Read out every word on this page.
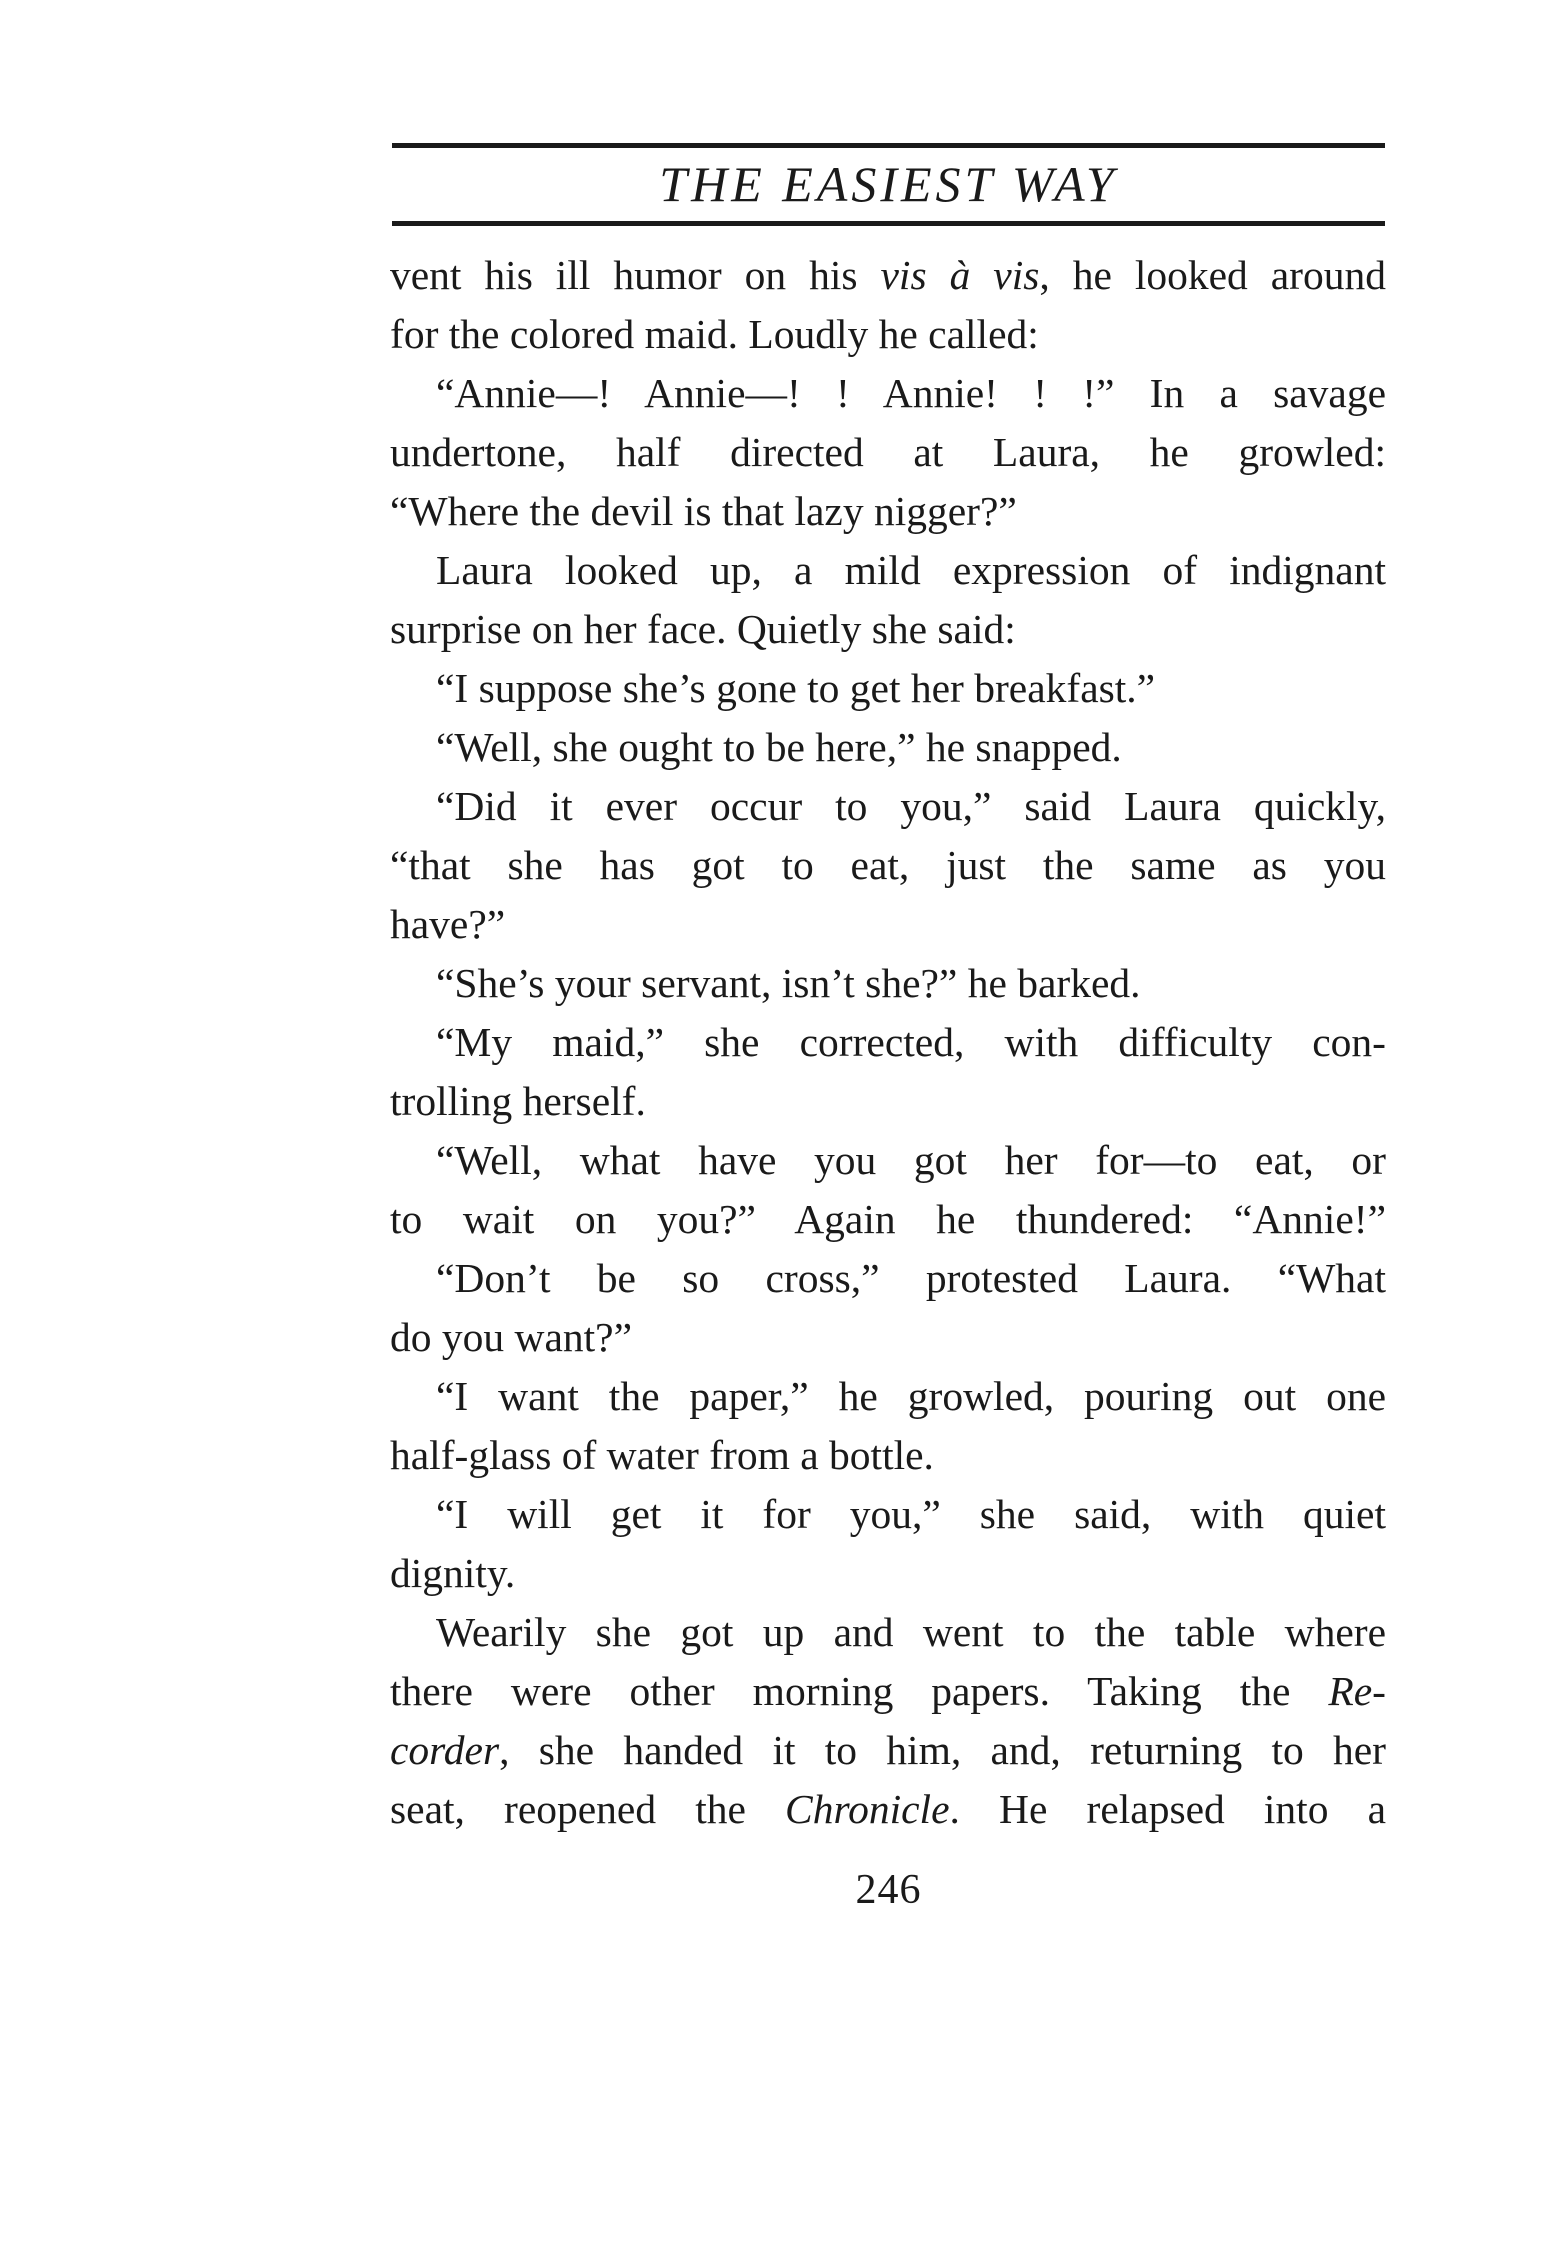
THE EASIEST WAY
vent his ill humor on his vis à vis, he looked around
for the colored maid. Loudly he called:
“Annie—! Annie—! ! Annie! ! !” In a savage
undertone, half directed at Laura, he growled:
“Where the devil is that lazy nigger?”
Laura looked up, a mild expression of indignant
surprise on her face. Quietly she said:
“I suppose she’s gone to get her breakfast.”
“Well, she ought to be here,” he snapped.
“Did it ever occur to you,” said Laura quickly,
“that she has got to eat, just the same as you
have?”
“She’s your servant, isn’t she?” he barked.
“My maid,” she corrected, with difficulty con-
trolling herself.
“Well, what have you got her for—to eat, or
to wait on you?” Again he thundered: “Annie!”
“Don’t be so cross,” protested Laura. “What
do you want?”
“I want the paper,” he growled, pouring out one
half-glass of water from a bottle.
“I will get it for you,” she said, with quiet
dignity.
Wearily she got up and went to the table where
there were other morning papers. Taking the Re-
corder, she handed it to him, and, returning to her
seat, reopened the Chronicle. He relapsed into a
246
